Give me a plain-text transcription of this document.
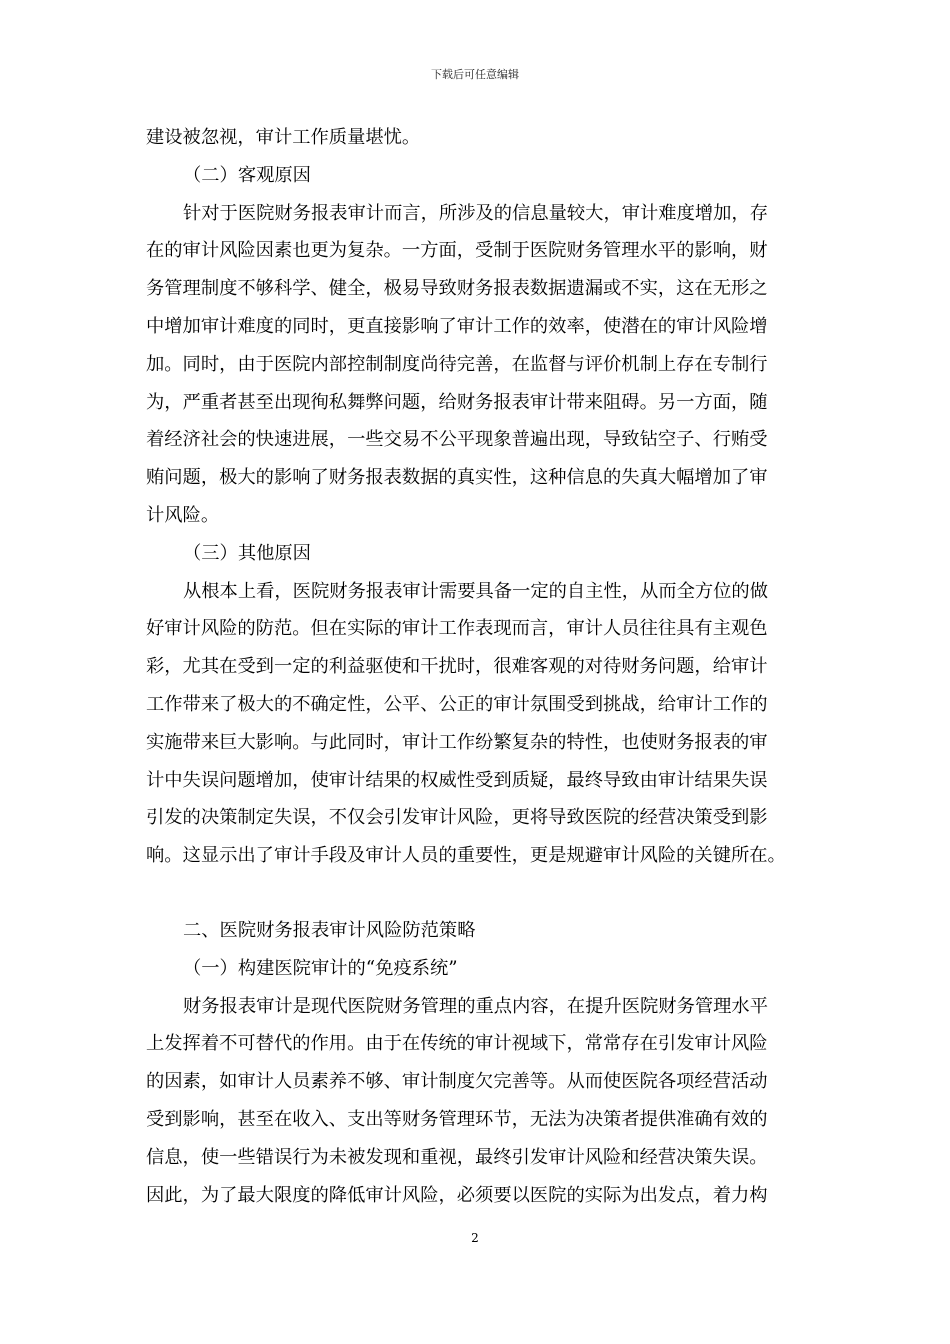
下载后可任意编辑
建设被忽视，审计工作质量堪忧。
（二）客观原因
针对于医院财务报表审计而言，所涉及的信息量较大，审计难度增加，存
在的审计风险因素也更为复杂。一方面，受制于医院财务管理水平的影响，财
务管理制度不够科学、健全，极易导致财务报表数据遗漏或不实，这在无形之
中增加审计难度的同时，更直接影响了审计工作的效率，使潜在的审计风险增
加。同时，由于医院内部控制制度尚待完善，在监督与评价机制上存在专制行
为，严重者甚至出现徇私舞弊问题，给财务报表审计带来阻碍。另一方面，随
着经济社会的快速进展，一些交易不公平现象普遍出现，导致钻空子、行贿受
贿问题，极大的影响了财务报表数据的真实性，这种信息的失真大幅增加了审
计风险。
（三）其他原因
从根本上看，医院财务报表审计需要具备一定的自主性，从而全方位的做
好审计风险的防范。但在实际的审计工作表现而言，审计人员往往具有主观色
彩，尤其在受到一定的利益驱使和干扰时，很难客观的对待财务问题，给审计
工作带来了极大的不确定性，公平、公正的审计氛围受到挑战，给审计工作的
实施带来巨大影响。与此同时，审计工作纷繁复杂的特性，也使财务报表的审
计中失误问题增加，使审计结果的权威性受到质疑，最终导致由审计结果失误
引发的决策制定失误，不仅会引发审计风险，更将导致医院的经营决策受到影
响。这显示出了审计手段及审计人员的重要性，更是规避审计风险的关键所在。
二、医院财务报表审计风险防范策略
（一）构建医院审计的“免疫系统”
财务报表审计是现代医院财务管理的重点内容，在提升医院财务管理水平
上发挥着不可替代的作用。由于在传统的审计视域下，常常存在引发审计风险
的因素，如审计人员素养不够、审计制度欠完善等。从而使医院各项经营活动
受到影响，甚至在收入、支出等财务管理环节，无法为决策者提供准确有效的
信息，使一些错误行为未被发现和重视，最终引发审计风险和经营决策失误。
因此，为了最大限度的降低审计风险，必须要以医院的实际为出发点，着力构
2
